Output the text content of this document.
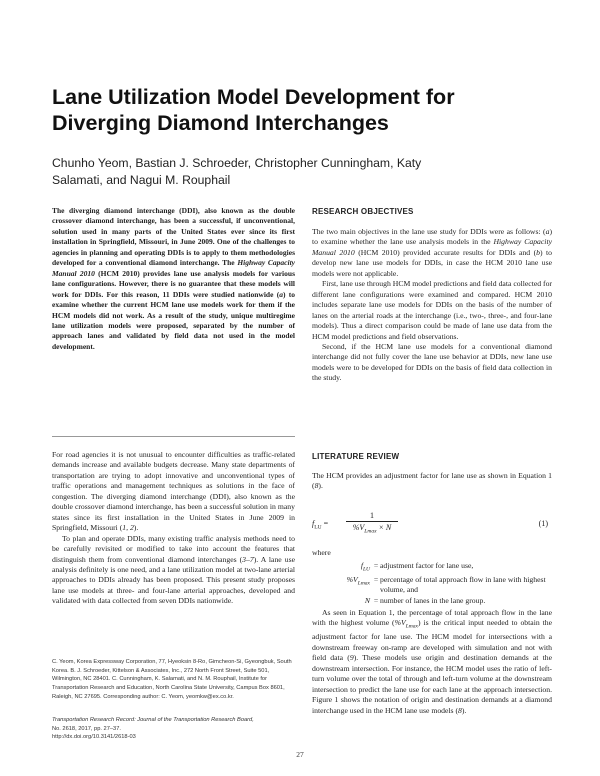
Lane Utilization Model Development for Diverging Diamond Interchanges
Chunho Yeom, Bastian J. Schroeder, Christopher Cunningham, Katy Salamati, and Nagui M. Rouphail
The diverging diamond interchange (DDI), also known as the double crossover diamond interchange, has been a successful, if unconventional, solution used in many parts of the United States ever since its first installation in Springfield, Missouri, in June 2009. One of the challenges to agencies in planning and operating DDIs is to apply to them methodologies developed for a conventional diamond interchange. The Highway Capacity Manual 2010 (HCM 2010) provides lane use analysis models for various lane configurations. However, there is no guarantee that these models will work for DDIs. For this reason, 11 DDIs were studied nationwide (a) to examine whether the current HCM lane use models work for them if the HCM models did not work. As a result of the study, unique multiregime lane utilization models were proposed, separated by the number of approach lanes and validated by field data not used in the model development.

For road agencies it is not unusual to encounter difficulties as traffic-related demands increase and available budgets decrease. Many state departments of transportation are trying to adopt innovative and unconventional types of traffic operations and management techniques as solutions in the face of congestion. The diverging diamond interchange (DDI), also known as the double crossover diamond interchange, has been a successful solution in many states since its first installation in the United States in June 2009 in Springfield, Missouri (1, 2).

To plan and operate DDIs, many existing traffic analysis methods need to be carefully revisited or modified to take into account the features that distinguish them from conventional diamond interchanges (3–7). A lane use analysis definitely is one need, and a lane utilization model at two-lane arterial approaches to DDIs already has been proposed. This present study proposes lane use models at three- and four-lane arterial approaches, developed and validated with data collected from seven DDIs nationwide.

C. Yeom, Korea Expressway Corporation, 77, Hyeoksin 8-Ro, Gimcheon-Si, Gyeongbuk, South Korea. B. J. Schroeder, Kittelson & Associates, Inc., 272 North Front Street, Suite 501, Wilmington, NC 28401. C. Cunningham, K. Salamati, and N. M. Rouphail, Institute for Transportation Research and Education, North Carolina State University, Campus Box 8601, Raleigh, NC 27695. Corresponding author: C. Yeom, yeomkw@ex.co.kr.
Transportation Research Record: Journal of the Transportation Research Board,
No. 2618, 2017, pp. 27–37.
http://dx.doi.org/10.3141/2618-03
RESEARCH OBJECTIVES

The two main objectives in the lane use study for DDIs were as follows: (a) to examine whether the lane use analysis models in the Highway Capacity Manual 2010 (HCM 2010) provided accurate results for DDIs and (b) to develop new lane use models for DDIs, in case the HCM 2010 lane use models were not applicable.

First, lane use through HCM model predictions and field data collected for different lane configurations were examined and compared. HCM 2010 includes separate lane use models for DDIs on the basis of the number of lanes on the arterial roads at the interchange (i.e., two-, three-, and four-lane models). Thus a direct comparison could be made of lane use data from the HCM model predictions and field observations.

Second, if the HCM lane use models for a conventional diamond interchange did not fully cover the lane use behavior at DDIs, new lane use models were to be developed for DDIs on the basis of field data collection in the study.

LITERATURE REVIEW

The HCM provides an adjustment factor for lane use as shown in Equation 1 (8).

$f_{LU}$ =
1
$\%V_{Lmax} \times N$	(1)
where
$f_{LU}$ = adjustment factor for lane use,
$\%V_{Lmax}$ = percentage of total approach flow in lane with highest volume, and
N = number of lanes in the lane group.

As seen in Equation 1, the percentage of total approach flow in the lane with the highest volume $(\%V_{Lmax})$ is the critical input needed to obtain the adjustment factor for lane use. The HCM model for intersections with a downstream freeway on-ramp are developed with simulation and not with field data (9). These models use origin and destination demands at the downstream intersection. For instance, the HCM model uses the ratio of left-turn volume over the total of through and left-turn volume at the downstream intersection to predict the lane use for each lane at the approach intersection. Figure 1 shows the notation of origin and destination demands at a diamond interchange used in the HCM lane use models (8).

27
